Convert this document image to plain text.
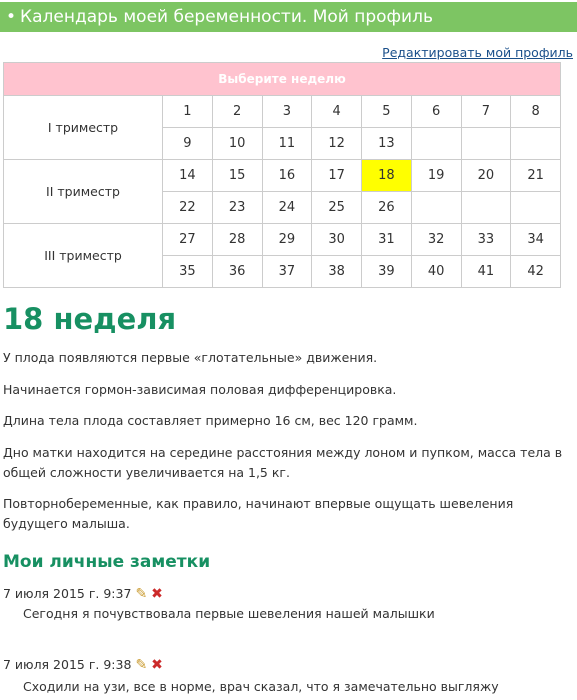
• Календарь моей беременности. Мой профиль
Редактировать мой профиль
Выберите неделю								
I триместр	1	2	3	4	5	6	7	8
	9	10	11	12	13			
II триместр	14	15	16	17	18	19	20	21
	22	23	24	25	26			
III триместр	27	28	29	30	31	32	33	34
	35	36	37	38	39	40	41	42
18 неделя

У плода появляются первые «глотательные» движения.

Начинается гормон-зависимая половая дифференцировка.

Длина тела плода составляет примерно 16 см, вес 120 грамм.

Дно матки находится на середине расстояния между лоном и пупком, масса тела в общей сложности увеличивается на 1,5 кг.

Повторнобеременные, как правило, начинают впервые ощущать шевеления будущего малыша.

Мои личные заметки
7 июля 2015 г. 9:37 ✎ ✖
Сегодня я почувствовала первые шевеления нашей малышки
7 июля 2015 г. 9:38 ✎ ✖
Сходили на узи, все в норме, врач сказал, что я замечательно выгляжу
